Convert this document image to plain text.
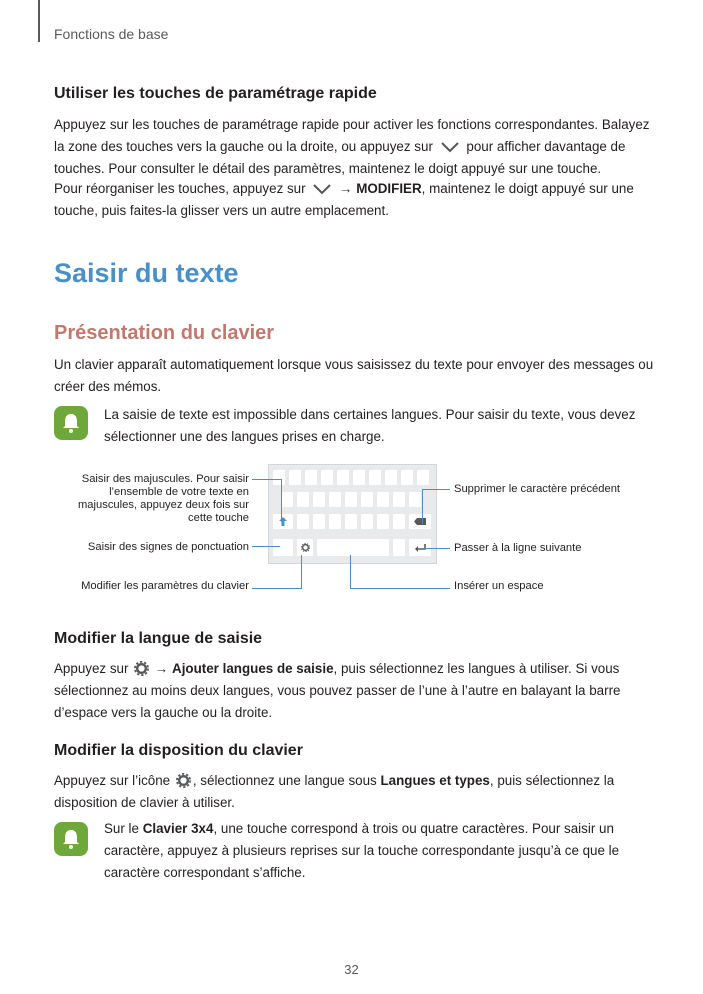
Fonctions de base
Utiliser les touches de paramétrage rapide
Appuyez sur les touches de paramétrage rapide pour activer les fonctions correspondantes. Balayez
la zone des touches vers la gauche ou la droite, ou appuyez sur pour afficher davantage de
touches. Pour consulter le détail des paramètres, maintenez le doigt appuyé sur une touche.
Pour réorganiser les touches, appuyez sur → MODIFIER, maintenez le doigt appuyé sur une
touche, puis faites-la glisser vers un autre emplacement.
Saisir du texte
Présentation du clavier
Un clavier apparaît automatiquement lorsque vous saisissez du texte pour envoyer des messages ou
créer des mémos.
La saisie de texte est impossible dans certaines langues. Pour saisir du texte, vous devez
sélectionner une des langues prises en charge.
Saisir des majuscules. Pour saisir
l’ensemble de votre texte en
majuscules, appuyez deux fois sur
cette touche
Saisir des signes de ponctuation
Modifier les paramètres du clavier
Supprimer le caractère précédent
Passer à la ligne suivante
Insérer un espace
Modifier la langue de saisie
Appuyez sur → Ajouter langues de saisie, puis sélectionnez les langues à utiliser. Si vous
sélectionnez au moins deux langues, vous pouvez passer de l’une à l’autre en balayant la barre
d’espace vers la gauche ou la droite.
Modifier la disposition du clavier
Appuyez sur l’icône , sélectionnez une langue sous Langues et types, puis sélectionnez la
disposition de clavier à utiliser.
Sur le Clavier 3x4, une touche correspond à trois ou quatre caractères. Pour saisir un
caractère, appuyez à plusieurs reprises sur la touche correspondante jusqu’à ce que le
caractère correspondant s’affiche.
32
